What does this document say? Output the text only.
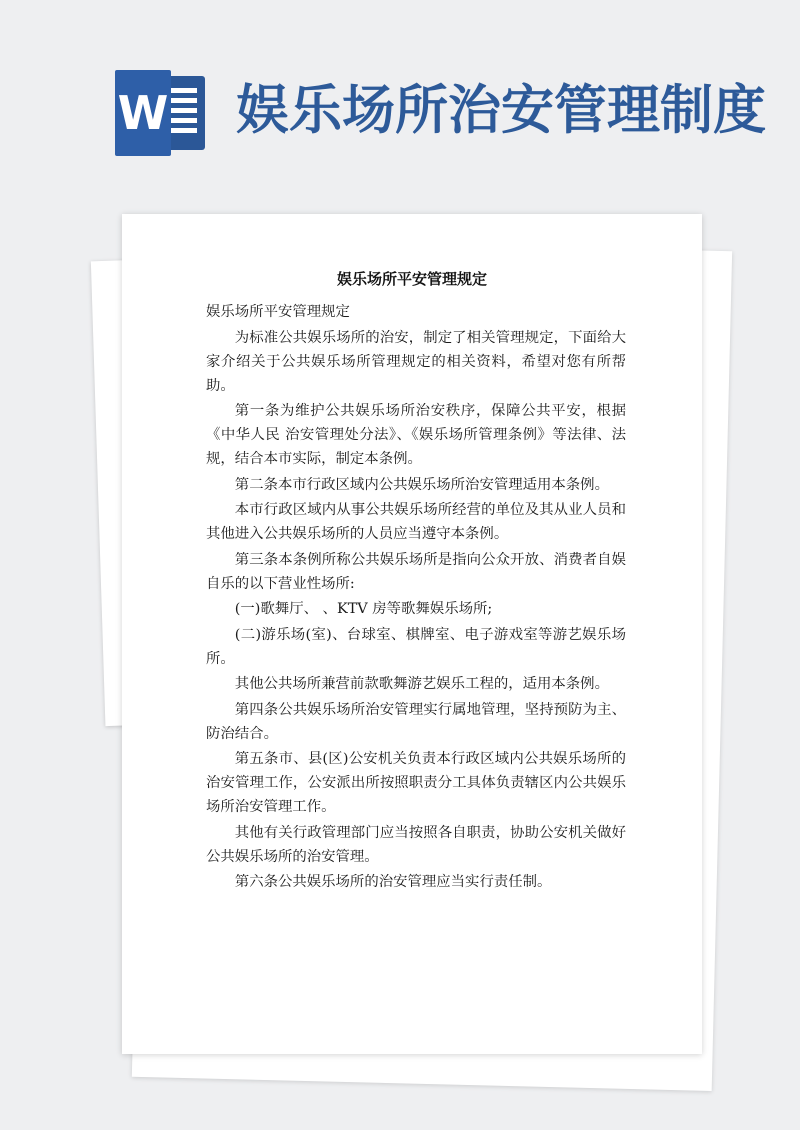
W 娱乐场所治安管理制度
娱乐场所平安管理规定

娱乐场所平安管理规定

为标准公共娱乐场所的治安，制定了相关管理规定，下面给大家介绍关于公共娱乐场所管理规定的相关资料，希望对您有所帮助。

第一条为维护公共娱乐场所治安秩序，保障公共平安，根据《中华人民 治安管理处分法》、《娱乐场所管理条例》等法律、法规，结合本市实际，制定本条例。

第二条本市行政区域内公共娱乐场所治安管理适用本条例。

本市行政区域内从事公共娱乐场所经营的单位及其从业人员和其他进入公共娱乐场所的人员应当遵守本条例。

第三条本条例所称公共娱乐场所是指向公众开放、消费者自娱自乐的以下营业性场所:

(一)歌舞厅、 、KTV 房等歌舞娱乐场所;

(二)游乐场(室)、台球室、棋牌室、电子游戏室等游艺娱乐场所。

其他公共场所兼营前款歌舞游艺娱乐工程的，适用本条例。

第四条公共娱乐场所治安管理实行属地管理，坚持预防为主、防治结合。

第五条市、县(区)公安机关负责本行政区域内公共娱乐场所的治安管理工作，公安派出所按照职责分工具体负责辖区内公共娱乐场所治安管理工作。

其他有关行政管理部门应当按照各自职责，协助公安机关做好公共娱乐场所的治安管理。

第六条公共娱乐场所的治安管理应当实行责任制。
